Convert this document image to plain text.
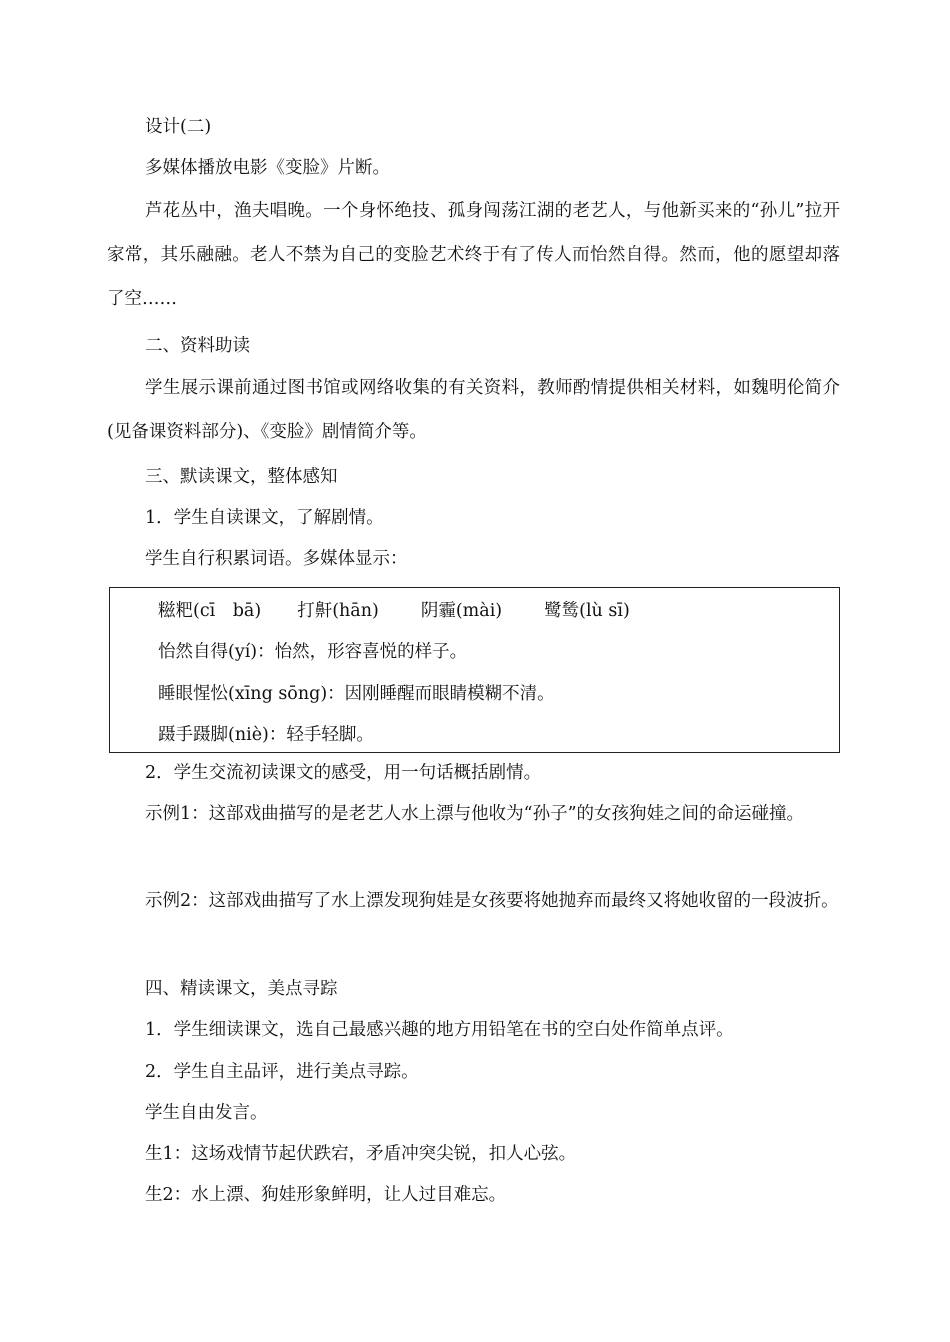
设计(二)
多媒体播放电影《变脸》片断。
芦花丛中，渔夫唱晚。一个身怀绝技、孤身闯荡江湖的老艺人，与他新买来的“孙儿”拉开家常，其乐融融。老人不禁为自己的变脸艺术终于有了传人而怡然自得。然而，他的愿望却落了空……
二、资料助读
学生展示课前通过图书馆或网络收集的有关资料，教师酌情提供相关材料，如魏明伦简介(见备课资料部分)、《变脸》剧情简介等。
三、默读课文，整体感知
1．学生自读课文，了解剧情。
学生自行积累词语。多媒体显示：
糍粑(cī　bā) 打鼾(hān) 阴霾(mài) 鹭鸶(lù sī)
怡然自得(yí)：怡然，形容喜悦的样子。
睡眼惺忪(xīng sōng)：因刚睡醒而眼睛模糊不清。
蹑手蹑脚(niè)：轻手轻脚。
2．学生交流初读课文的感受，用一句话概括剧情。
示例1：这部戏曲描写的是老艺人水上漂与他收为“孙子”的女孩狗娃之间的命运碰撞。
示例2：这部戏曲描写了水上漂发现狗娃是女孩要将她抛弃而最终又将她收留的一段波折。
四、精读课文，美点寻踪
1．学生细读课文，选自己最感兴趣的地方用铅笔在书的空白处作简单点评。
2．学生自主品评，进行美点寻踪。
学生自由发言。
生1：这场戏情节起伏跌宕，矛盾冲突尖锐，扣人心弦。
生2：水上漂、狗娃形象鲜明，让人过目难忘。
